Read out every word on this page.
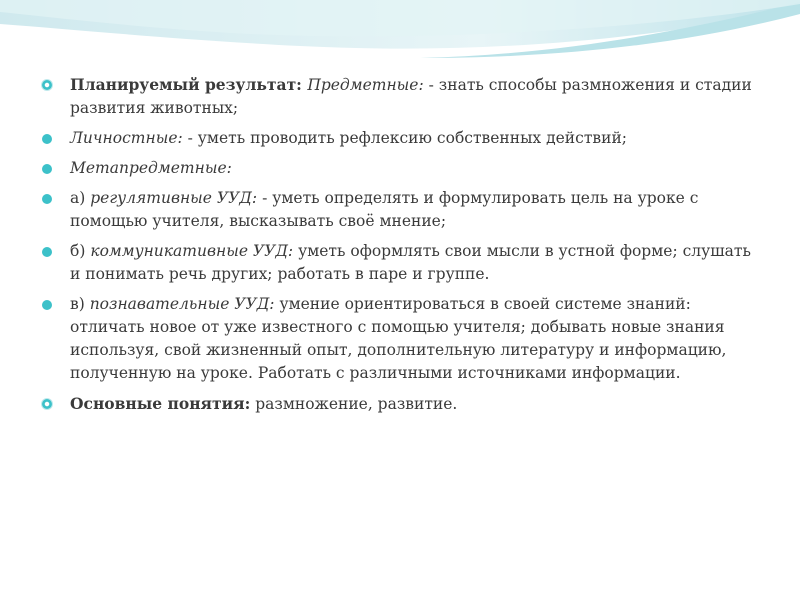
Планируемый результат: Предметные: - знать способы размножения и стадии развития животных;
Личностные: - уметь проводить рефлексию собственных действий;
Метапредметные:
а) регулятивные УУД: - уметь определять и формулировать цель на уроке с помощью учителя, высказывать своё мнение;
б) коммуникативные УУД: уметь оформлять свои мысли в устной форме; слушать и понимать речь других; работать в паре и группе.
в) познавательные УУД: умение ориентироваться в своей системе знаний: отличать новое от уже известного с помощью учителя; добывать новые знания используя, свой жизненный опыт, дополнительную литературу и информацию, полученную на уроке. Работать с различными источниками информации.
Основные понятия: размножение, развитие.
